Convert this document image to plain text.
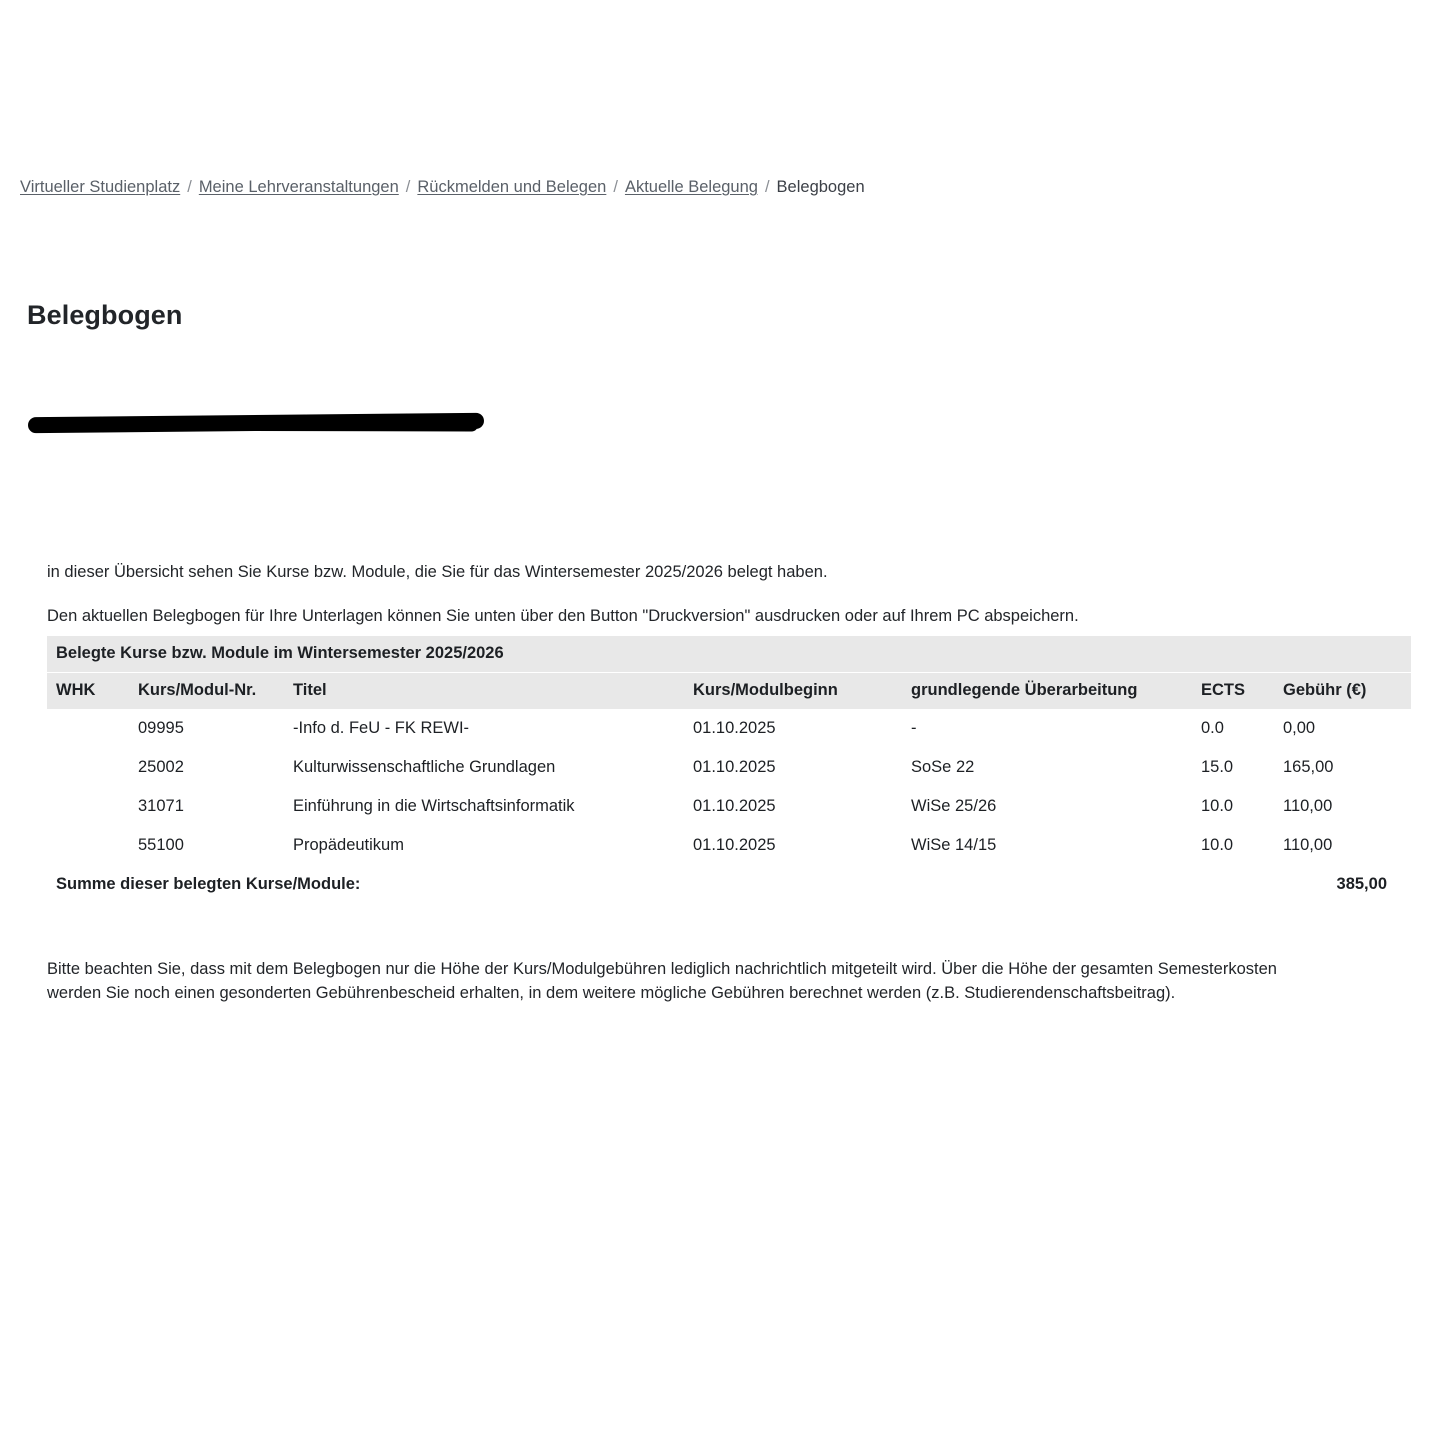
Virtueller Studienplatz / Meine Lehrveranstaltungen / Rückmelden und Belegen / Aktuelle Belegung / Belegbogen
Belegbogen

in dieser Übersicht sehen Sie Kurse bzw. Module, die Sie für das Wintersemester 2025/2026 belegt haben.

Den aktuellen Belegbogen für Ihre Unterlagen können Sie unten über den Button "Druckversion" ausdrucken oder auf Ihrem PC abspeichern.

Belegte Kurse bzw. Module im Wintersemester 2025/2026
WHK	Kurs/Modul-Nr.	Titel	Kurs/Modulbeginn	grundlegende Überarbeitung	ECTS	Gebühr (€)
	09995	-Info d. FeU - FK REWI-	01.10.2025	-	0.0	0,00
	25002	Kulturwissenschaftliche Grundlagen	01.10.2025	SoSe 22	15.0	165,00
	31071	Einführung in die Wirtschaftsinformatik	01.10.2025	WiSe 25/26	10.0	110,00
	55100	Propädeutikum	01.10.2025	WiSe 14/15	10.0	110,00
Summe dieser belegten Kurse/Module:						385,00

Bitte beachten Sie, dass mit dem Belegbogen nur die Höhe der Kurs/Modulgebühren lediglich nachrichtlich mitgeteilt wird. Über die Höhe der gesamten Semesterkosten werden Sie noch einen gesonderten Gebührenbescheid erhalten, in dem weitere mögliche Gebühren berechnet werden (z.B. Studierendenschaftsbeitrag).
